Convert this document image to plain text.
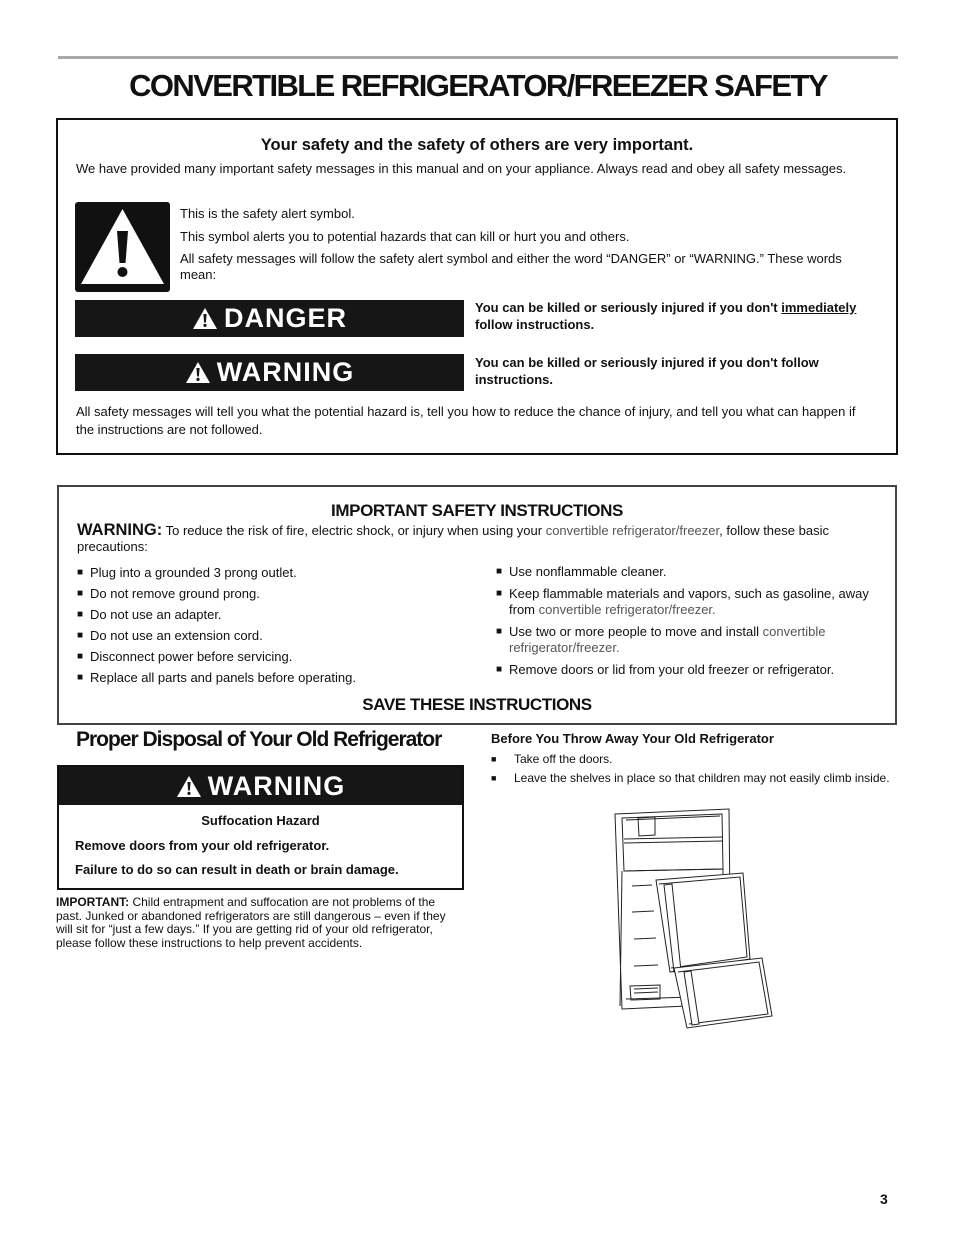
CONVERTIBLE REFRIGERATOR/FREEZER SAFETY
Your safety and the safety of others are very important.
We have provided many important safety messages in this manual and on your appliance. Always read and obey all safety messages.

This is the safety alert symbol.

This symbol alerts you to potential hazards that can kill or hurt you and others.

All safety messages will follow the safety alert symbol and either the word “DANGER” or “WARNING.” These words mean:

DANGER	You can be killed or seriously injured if you don't immediately follow instructions.
WARNING	You can be killed or seriously injured if you don't follow instructions.
All safety messages will tell you what the potential hazard is, tell you how to reduce the chance of injury, and tell you what can happen if the instructions are not followed.
IMPORTANT SAFETY INSTRUCTIONS
WARNING: To reduce the risk of fire, electric shock, or injury when using your convertible refrigerator/freezer, follow these basic precautions:
■ Plug into a grounded 3 prong outlet.
■ Do not remove ground prong.
■ Do not use an adapter.
■ Do not use an extension cord.
■ Disconnect power before servicing.
■ Replace all parts and panels before operating.
■ Use nonflammable cleaner.
■ Keep flammable materials and vapors, such as gasoline, away from convertible refrigerator/freezer.
■ Use two or more people to move and install convertible refrigerator/freezer.
■ Remove doors or lid from your old freezer or refrigerator.
SAVE THESE INSTRUCTIONS
Proper Disposal of Your Old Refrigerator
WARNING
Suffocation Hazard
Remove doors from your old refrigerator.
Failure to do so can result in death or brain damage.
IMPORTANT: Child entrapment and suffocation are not problems of the past. Junked or abandoned refrigerators are still dangerous – even if they will sit for “just a few days.” If you are getting rid of your old refrigerator, please follow these instructions to help prevent accidents.
Before You Throw Away Your Old Refrigerator
■ Take off the doors.
■ Leave the shelves in place so that children may not easily climb inside.
3
